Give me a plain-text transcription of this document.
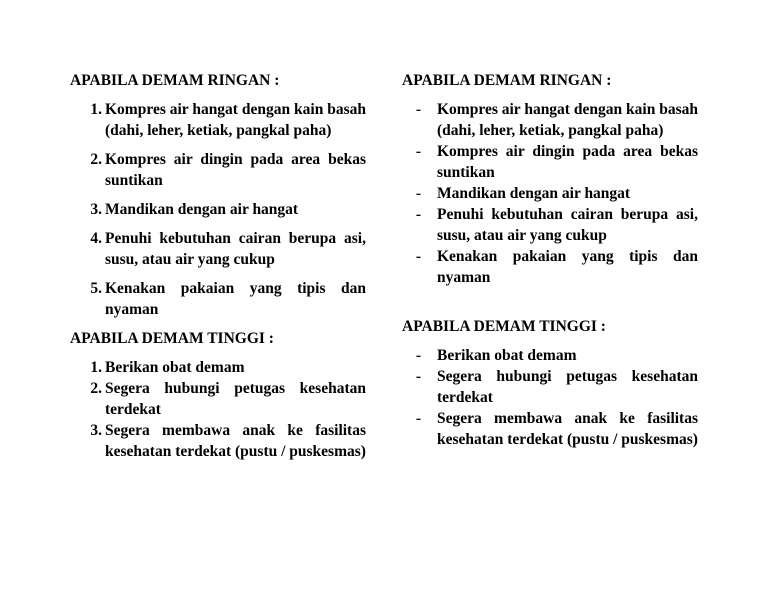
APABILA DEMAM RINGAN :
1. Kompres air hangat dengan kain basah (dahi, leher, ketiak, pangkal paha)
2. Kompres air dingin pada area bekas suntikan
3. Mandikan dengan air hangat
4. Penuhi kebutuhan cairan berupa asi, susu, atau air yang cukup
5. Kenakan pakaian yang tipis dan nyaman
APABILA DEMAM TINGGI :
1. Berikan obat demam
2. Segera hubungi petugas kesehatan terdekat
3. Segera membawa anak ke fasilitas kesehatan terdekat (pustu / puskesmas)
APABILA DEMAM RINGAN :
- Kompres air hangat dengan kain basah (dahi, leher, ketiak, pangkal paha)
- Kompres air dingin pada area bekas suntikan
- Mandikan dengan air hangat
- Penuhi kebutuhan cairan berupa asi, susu, atau air yang cukup
- Kenakan pakaian yang tipis dan nyaman
APABILA DEMAM TINGGI :
- Berikan obat demam
- Segera hubungi petugas kesehatan terdekat
- Segera membawa anak ke fasilitas kesehatan terdekat (pustu / puskesmas)
